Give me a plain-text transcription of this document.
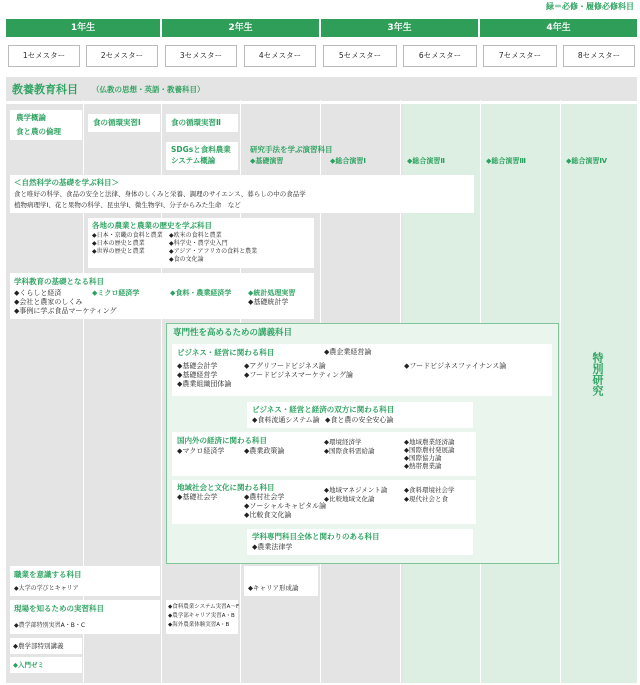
緑＝必修・履修必修科目
1年生	2年生	3年生	4年生
1セメスター	2セメスター	3セメスター	4セメスター	5セメスター	6セメスター	7セメスター	8セメスター
教養教育科目 （仏教の思想・英語・教養科目）
農学概論
食と農の倫理
食の循環実習Ⅰ	食の循環実習Ⅱ
SDGsと食料農業
システム概論
研究手法を学ぶ演習科目
◆基礎演習	◆総合演習Ⅰ	◆総合演習Ⅱ	◆総合演習Ⅲ	◆総合演習Ⅳ
＜自然科学の基礎を学ぶ科目＞
食と唯好の科学、食品の安全と法律、身体のしくみと栄養、調理のサイエンス、暮らしの中の食品学
植物病理学Ⅰ、花と果物の科学、昆虫学Ⅰ、微生物学Ⅰ、分子からみた生命　など
各地の農業と農業の歴史を学ぶ科目
◆日本・京畿の食料と農業
◆日本の歴史と農業
◆世界の歴史と農業
◆欧米の食料と農業
◆科学史・農学史入門
◆アジア・アフリカの食料と農業
◆食の文化論
学科教育の基礎となる科目
◆くらしと経済
◆会社と農家のしくみ
◆事例に学ぶ食品マーケティング
◆ミクロ経済学	◆食料・農業経済学 ◆統計処理実習
◆基礎統計学
専門性を高めるための講義科目
ビジネス・経営に関わる科目
◆基礎会計学
◆基礎経営学
◆農業組織団体論
◆アグリフードビジネス論
◆フードビジネスマーケティング論
◆農企業経営論
◆フードビジネスファイナンス論
ビジネス・経営と経済の双方に関わる科目
◆食料流通システム論 ◆食と農の安全安心論
国内外の経済に関わる科目
◆マクロ経済学	◆農業政策論
◆環境経済学
◆国際食料需給論
◆地域農業経済論
◆国際農村発展論
◆国際協力論
◆熱帯農業論
地域社会と文化に関わる科目
◆基礎社会学	◆農村社会学
◆ソーシャルキャピタル論
◆比較食文化論
◆地域マネジメント論
◆比較地域文化論
◆食料環境社会学
◆現代社会と食
学科専門科目全体と関わりのある科目
◆農業法律学
特別研究
職業を意識する科目
◆大学の学びとキャリア	◆キャリア形成論
現場を知るための実習科目
◆農学部特別実習A・B・C
◆食料農業システム実習A〜F
◆農学部キャリア実習A・B
◆海外農業体験実習A・B
◆農学部特別講義
◆入門ゼミ
